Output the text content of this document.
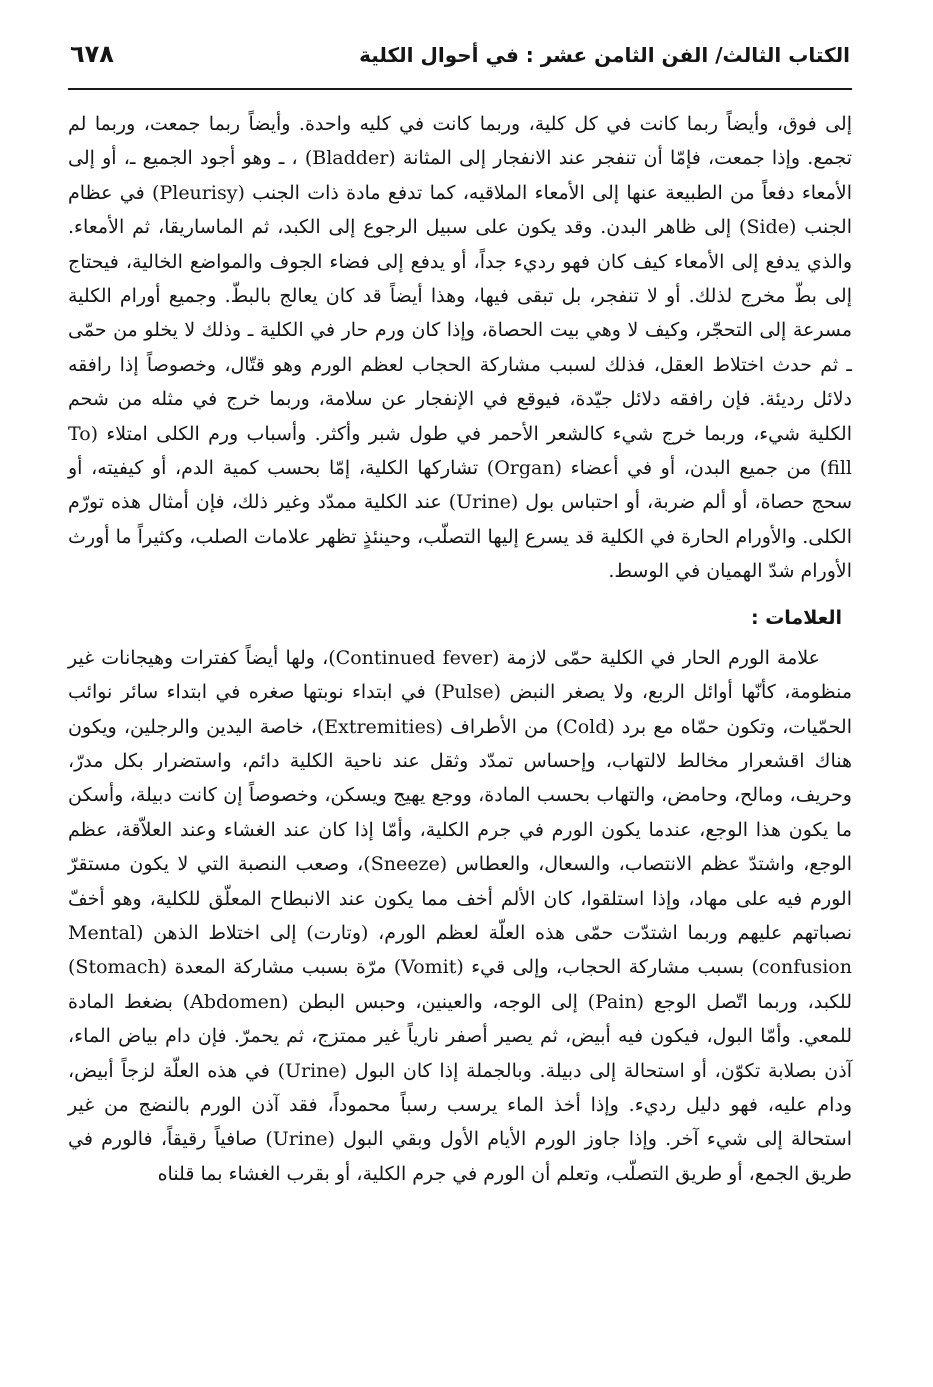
الكتاب الثالث/ الفن الثامن عشر : في أحوال الكلية
٦٧٨

إلى فوق، وأيضاً ربما كانت في كل كلية، وربما كانت في كليه واحدة. وأيضاً ربما جمعت، وربما لم تجمع. وإذا جمعت، فإمّا أن تنفجر عند الانفجار إلى المثانة (Bladder) ، ـ وهو أجود الجميع ـ، أو إلى الأمعاء دفعاً من الطبيعة عنها إلى الأمعاء الملاقيه، كما تدفع مادة ذات الجنب (Pleurisy) في عظام الجنب (Side) إلى ظاهر البدن. وقد يكون على سبيل الرجوع إلى الكبد، ثم الماساريقا، ثم الأمعاء. والذي يدفع إلى الأمعاء كيف كان فهو رديء جداً، أو يدفع إلى فضاء الجوف والمواضع الخالية، فيحتاج إلى بطّ مخرج لذلك. أو لا تنفجر، بل تبقى فيها، وهذا أيضاً قد كان يعالج بالبطّ. وجميع أورام الكلية مسرعة إلى التحجّر، وكيف لا وهي بيت الحصاة، وإذا كان ورم حار في الكلية ـ وذلك لا يخلو من حمّى ـ ثم حدث اختلاط العقل، فذلك لسبب مشاركة الحجاب لعظم الورم وهو قتّال، وخصوصاً إذا رافقه دلائل رديئة. فإن رافقه دلائل جيّدة، فيوقع في الإنفجار عن سلامة، وربما خرج في مثله من شحم الكلية شيء، وربما خرج شيء كالشعر الأحمر في طول شبر وأكثر. وأسباب ورم الكلى امتلاء (To fill) من جميع البدن، أو في أعضاء (Organ) تشاركها الكلية، إمّا بحسب كمية الدم، أو كيفيته، أو سحج حصاة، أو ألم ضربة، أو احتباس بول (Urine) عند الكلية ممدّد وغير ذلك، فإن أمثال هذه تورّم الكلى. والأورام الحارة في الكلية قد يسرع إليها التصلّب، وحينئذٍ تظهر علامات الصلب، وكثيراً ما أورث الأورام شدّ الهميان في الوسط.

العلامات :

علامة الورم الحار في الكلية حمّى لازمة (Continued fever)، ولها أيضاً كفترات وهيجانات غير منظومة، كأنّها أوائل الربع، ولا يصغر النبض (Pulse) في ابتداء نوبتها صغره في ابتداء سائر نوائب الحمّيات، وتكون حمّاه مع برد (Cold) من الأطراف (Extremities)، خاصة اليدين والرجلين، ويكون هناك اقشعرار مخالط لالتهاب، وإحساس تمدّد وثقل عند ناحية الكلية دائم، واستضرار بكل مدرّ، وحريف، ومالح، وحامض، والتهاب بحسب المادة، ووجع يهيج ويسكن، وخصوصاً إن كانت دبيلة، وأسكن ما يكون هذا الوجع، عندما يكون الورم في جرم الكلية، وأمّا إذا كان عند الغشاء وعند العلاّقة، عظم الوجع، واشتدّ عظم الانتصاب، والسعال، والعطاس (Sneeze)، وصعب النصبة التي لا يكون مستقرّ الورم فيه على مهاد، وإذا استلقوا، كان الألم أخف مما يكون عند الانبطاح المعلّق للكلية، وهو أخفّ نصباتهم عليهم وربما اشتدّت حمّى هذه العلّة لعظم الورم، (وتارت) إلى اختلاط الذهن (Mental confusion) بسبب مشاركة الحجاب، وإلى قيء (Vomit) مرّة بسبب مشاركة المعدة (Stomach) للكبد، وربما اتّصل الوجع (Pain) إلى الوجه، والعينين، وحبس البطن (Abdomen) بضغط المادة للمعي. وأمّا البول، فيكون فيه أبيض، ثم يصير أصفر نارياً غير ممتزج، ثم يحمرّ. فإن دام بياض الماء، آذن بصلابة تكوّن، أو استحالة إلى دبيلة. وبالجملة إذا كان البول (Urine) في هذه العلّة لزجاً أبيض، ودام عليه، فهو دليل رديء. وإذا أخذ الماء يرسب رسباً محموداً، فقد آذن الورم بالنضج من غير استحالة إلى شيء آخر. وإذا جاوز الورم الأيام الأول وبقي البول (Urine) صافياً رقيقاً، فالورم في طريق الجمع، أو طريق التصلّب، وتعلم أن الورم في جرم الكلية، أو بقرب الغشاء بما قلناه
